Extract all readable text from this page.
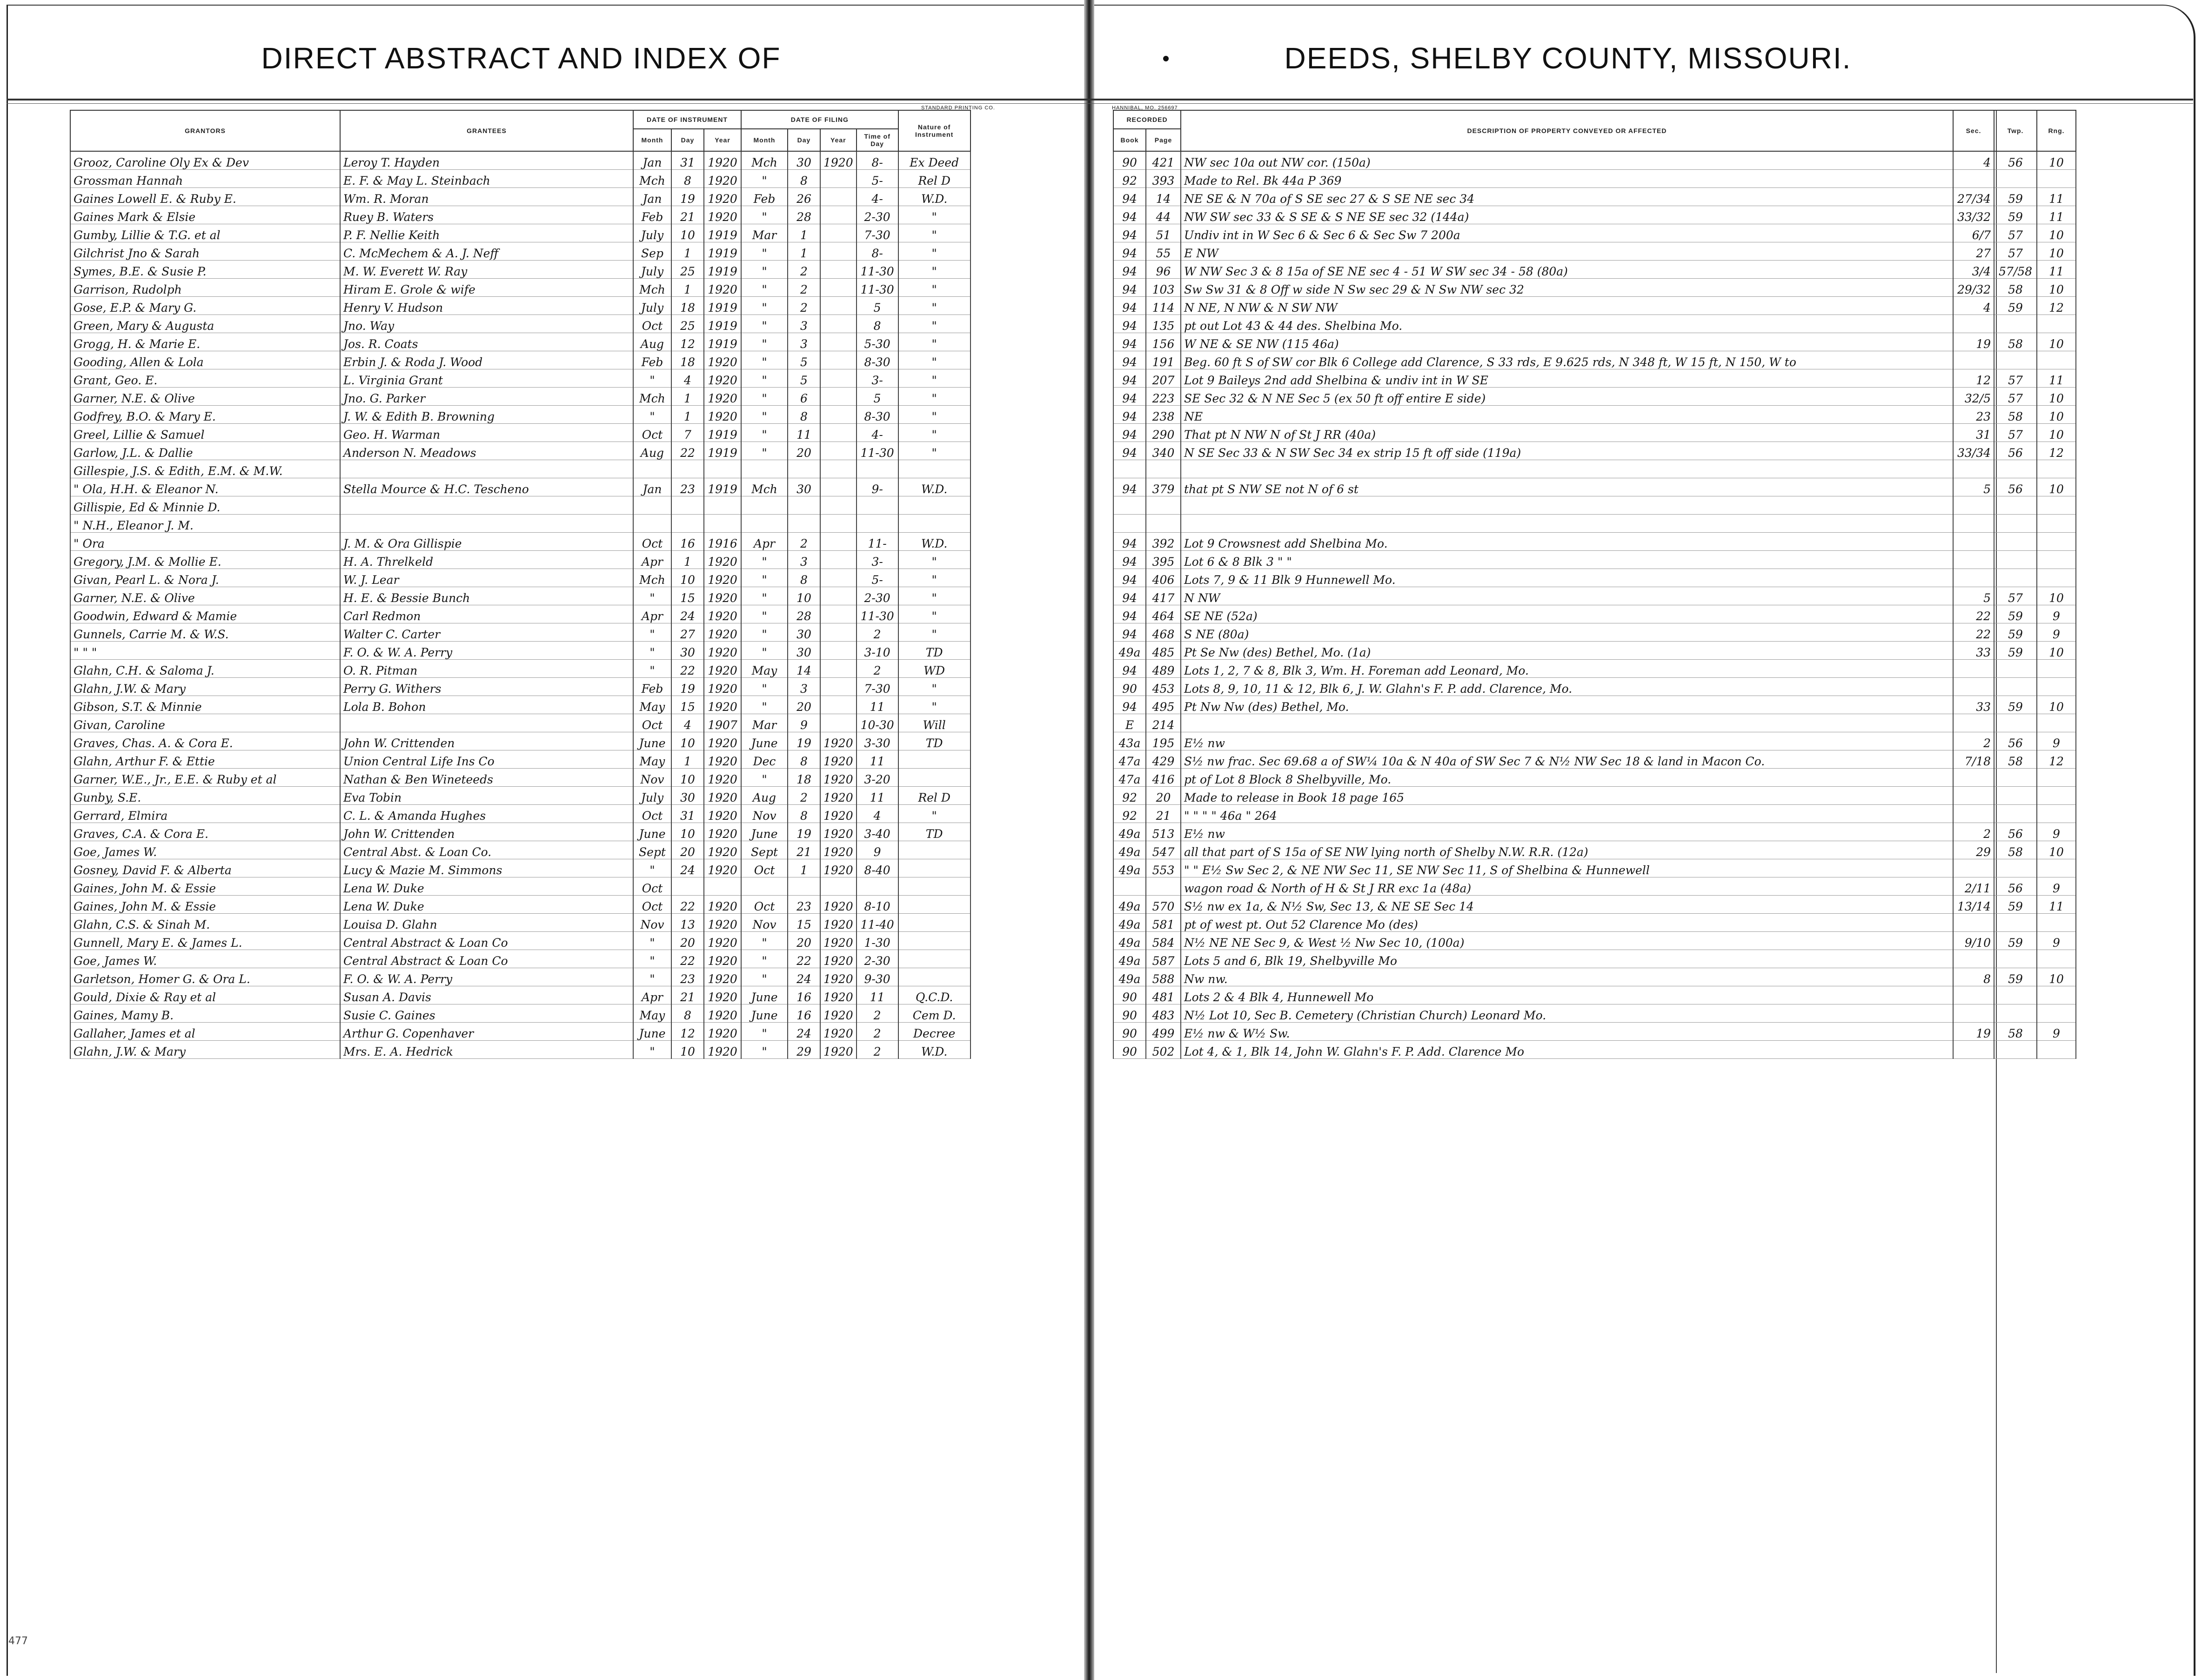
DIRECT ABSTRACT AND INDEX OF	DEEDS, SHELBY COUNTY, MISSOURI.
STANDARD PRINTING CO.	HANNIBAL, MO. 256697
GRANTORS	GRANTEES	DATE OF INSTRUMENT			DATE OF FILING				Nature of Instrument
		Month	Day	Year	Month	Day	Year	Time of Day	
Grooz, Caroline Oly Ex & Dev	Leroy T. Hayden	Jan	31	1920	Mch	30	1920	8-	Ex Deed
Grossman Hannah	E. F. & May L. Steinbach	Mch	8	1920	"	8		5-	Rel D
Gaines Lowell E. & Ruby E.	Wm. R. Moran	Jan	19	1920	Feb	26		4-	W.D.
Gaines Mark & Elsie	Ruey B. Waters	Feb	21	1920	"	28		2-30	"
Gumby, Lillie & T.G. et al	P. F. Nellie Keith	July	10	1919	Mar	1		7-30	"
Gilchrist Jno & Sarah	C. McMechem & A. J. Neff	Sep	1	1919	"	1		8-	"
Symes, B.E. & Susie P.	M. W. Everett W. Ray	July	25	1919	"	2		11-30	"
Garrison, Rudolph	Hiram E. Grole & wife	Mch	1	1920	"	2		11-30	"
Gose, E.P. & Mary G.	Henry V. Hudson	July	18	1919	"	2		5	"
Green, Mary & Augusta	Jno. Way	Oct	25	1919	"	3		8	"
Grogg, H. & Marie E.	Jos. R. Coats	Aug	12	1919	"	3		5-30	"
Gooding, Allen & Lola	Erbin J. & Roda J. Wood	Feb	18	1920	"	5		8-30	"
Grant, Geo. E.	L. Virginia Grant	"	4	1920	"	5		3-	"
Garner, N.E. & Olive	Jno. G. Parker	Mch	1	1920	"	6		5	"
Godfrey, B.O. & Mary E.	J. W. & Edith B. Browning	"	1	1920	"	8		8-30	"
Greel, Lillie & Samuel	Geo. H. Warman	Oct	7	1919	"	11		4-	"
Garlow, J.L. & Dallie	Anderson N. Meadows	Aug	22	1919	"	20		11-30	"
Gillespie, J.S. & Edith, E.M. & M.W.									
" Ola, H.H. & Eleanor N.	Stella Mource & H.C. Tescheno	Jan	23	1919	Mch	30		9-	W.D.
Gillispie, Ed & Minnie D.									
" N.H., Eleanor J. M.									
" Ora	J. M. & Ora Gillispie	Oct	16	1916	Apr	2		11-	W.D.
Gregory, J.M. & Mollie E.	H. A. Threlkeld	Apr	1	1920	"	3		3-	"
Givan, Pearl L. & Nora J.	W. J. Lear	Mch	10	1920	"	8		5-	"
Garner, N.E. & Olive	H. E. & Bessie Bunch	"	15	1920	"	10		2-30	"
Goodwin, Edward & Mamie	Carl Redmon	Apr	24	1920	"	28		11-30	"
Gunnels, Carrie M. & W.S.	Walter C. Carter	"	27	1920	"	30		2	"
" " "	F. O. & W. A. Perry	"	30	1920	"	30		3-10	TD
Glahn, C.H. & Saloma J.	O. R. Pitman	"	22	1920	May	14		2	WD
Glahn, J.W. & Mary	Perry G. Withers	Feb	19	1920	"	3		7-30	"
Gibson, S.T. & Minnie	Lola B. Bohon	May	15	1920	"	20		11	"
Givan, Caroline		Oct	4	1907	Mar	9		10-30	Will
Graves, Chas. A. & Cora E.	John W. Crittenden	June	10	1920	June	19	1920	3-30	TD
Glahn, Arthur F. & Ettie	Union Central Life Ins Co	May	1	1920	Dec	8	1920	11	
Garner, W.E., Jr., E.E. & Ruby et al	Nathan & Ben Wineteeds	Nov	10	1920	"	18	1920	3-20	
Gunby, S.E.	Eva Tobin	July	30	1920	Aug	2	1920	11	Rel D
Gerrard, Elmira	C. L. & Amanda Hughes	Oct	31	1920	Nov	8	1920	4	"
Graves, C.A. & Cora E.	John W. Crittenden	June	10	1920	June	19	1920	3-40	TD
Goe, James W.	Central Abst. & Loan Co.	Sept	20	1920	Sept	21	1920	9	
Gosney, David F. & Alberta	Lucy & Mazie M. Simmons	"	24	1920	Oct	1	1920	8-40	
Gaines, John M. & Essie	Lena W. Duke	Oct							
Gaines, John M. & Essie	Lena W. Duke	Oct	22	1920	Oct	23	1920	8-10	
Glahn, C.S. & Sinah M.	Louisa D. Glahn	Nov	13	1920	Nov	15	1920	11-40	
Gunnell, Mary E. & James L.	Central Abstract & Loan Co	"	20	1920	"	20	1920	1-30	
Goe, James W.	Central Abstract & Loan Co	"	22	1920	"	22	1920	2-30	
Garletson, Homer G. & Ora L.	F. O. & W. A. Perry	"	23	1920	"	24	1920	9-30	
Gould, Dixie & Ray et al	Susan A. Davis	Apr	21	1920	June	16	1920	11	Q.C.D.
Gaines, Mamy B.	Susie C. Gaines	May	8	1920	June	16	1920	2	Cem D.
Gallaher, James et al	Arthur G. Copenhaver	June	12	1920	"	24	1920	2	Decree
Glahn, J.W. & Mary	Mrs. E. A. Hedrick	"	10	1920	"	29	1920	2	W.D.
	RECORDED		DESCRIPTION OF PROPERTY CONVEYED OR AFFECTED	Sec.	Twp.	Rng.
	Book	Page				
	90	421	NW sec 10a out NW cor. (150a)	4	56	10
	92	393	Made to Rel. Bk 44a P 369			
	94	14	NE SE & N 70a of S SE sec 27 & S SE NE sec 34	27/34	59	11
	94	44	NW SW sec 33 & S SE & S NE SE sec 32 (144a)	33/32	59	11
	94	51	Undiv int in W Sec 6 & Sec 6 & Sec Sw 7 200a	6/7	57	10
	94	55	E NW	27	57	10
	94	96	W NW Sec 3 & 8 15a of SE NE sec 4 - 51 W SW sec 34 - 58 (80a)	3/4	57/58	11
	94	103	Sw Sw 31 & 8 Off w side N Sw sec 29 & N Sw NW sec 32	29/32	58	10
	94	114	N NE, N NW & N SW NW	4	59	12
	94	135	pt out Lot 43 & 44 des. Shelbina Mo.			
	94	156	W NE & SE NW (115 46a)	19	58	10
	94	191	Beg. 60 ft S of SW cor Blk 6 College add Clarence, S 33 rds, E 9.625 rds, N 348 ft, W 15 ft, N 150, W to			
	94	207	Lot 9 Baileys 2nd add Shelbina & undiv int in W SE	12	57	11
	94	223	SE Sec 32 & N NE Sec 5 (ex 50 ft off entire E side)	32/5	57	10
	94	238	NE	23	58	10
	94	290	That pt N NW N of St J RR (40a)	31	57	10
	94	340	N SE Sec 33 & N SW Sec 34 ex strip 15 ft off side (119a)	33/34	56	12

	94	379	that pt S NW SE not N of 6 st	5	56	10

	94	392	Lot 9 Crowsnest add Shelbina Mo.			
	94	395	Lot 6 & 8 Blk 3 " "			
	94	406	Lots 7, 9 & 11 Blk 9 Hunnewell Mo.			
	94	417	N NW	5	57	10
	94	464	SE NE (52a)	22	59	9
	94	468	S NE (80a)	22	59	9
	49a	485	Pt Se Nw (des) Bethel, Mo. (1a)	33	59	10
	94	489	Lots 1, 2, 7 & 8, Blk 3, Wm. H. Foreman add Leonard, Mo.			
	90	453	Lots 8, 9, 10, 11 & 12, Blk 6, J. W. Glahn's F. P. add. Clarence, Mo.			
	94	495	Pt Nw Nw (des) Bethel, Mo.	33	59	10
	E	214				
	43a	195	E½ nw	2	56	9
	47a	429	S½ nw frac. Sec 69.68 a of SW¼ 10a & N 40a of SW Sec 7 & N½ NW Sec 18 & land in Macon Co.	7/18	58	12
	47a	416	pt of Lot 8 Block 8 Shelbyville, Mo.			
	92	20	Made to release in Book 18 page 165			
	92	21	" " " " 46a " 264			
	49a	513	E½ nw	2	56	9
	49a	547	all that part of S 15a of SE NW lying north of Shelby N.W. R.R. (12a)	29	58	10
	49a	553	" " E½ Sw Sec 2, & NE NW Sec 11, SE NW Sec 11, S of Shelbina & Hunnewell			
			wagon road & North of H & St J RR exc 1a (48a)	2/11	56	9
	49a	570	S½ nw ex 1a, & N½ Sw, Sec 13, & NE SE Sec 14	13/14	59	11
	49a	581	pt of west pt. Out 52 Clarence Mo (des)			
	49a	584	N½ NE NE Sec 9, & West ½ Nw Sec 10, (100a)	9/10	59	9
	49a	587	Lots 5 and 6, Blk 19, Shelbyville Mo			
	49a	588	Nw nw.	8	59	10
	90	481	Lots 2 & 4 Blk 4, Hunnewell Mo			
	90	483	N½ Lot 10, Sec B. Cemetery (Christian Church) Leonard Mo.			
	90	499	E½ nw & W½ Sw.	19	58	9
	90	502	Lot 4, & 1, Blk 14, John W. Glahn's F. P. Add. Clarence Mo			
477
